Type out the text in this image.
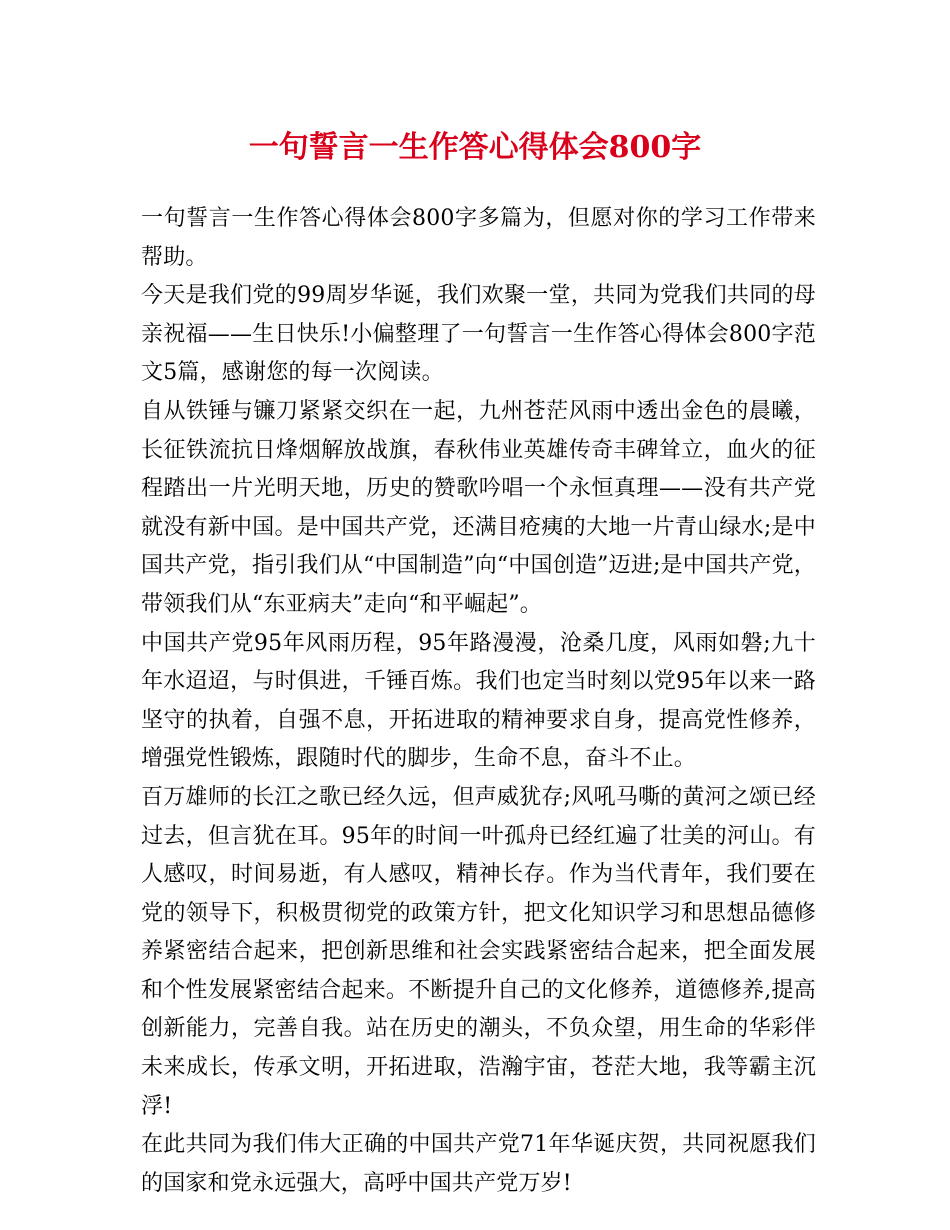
一句誓言一生作答心得体会800字

一句誓言一生作答心得体会800字多篇为，但愿对你的学习工作带来帮助。

今天是我们党的99周岁华诞，我们欢聚一堂，共同为党我们共同的母亲祝福——生日快乐!小偏整理了一句誓言一生作答心得体会800字范文5篇，感谢您的每一次阅读。

自从铁锤与镰刀紧紧交织在一起，九州苍茫风雨中透出金色的晨曦，长征铁流抗日烽烟解放战旗，春秋伟业英雄传奇丰碑耸立，血火的征程踏出一片光明天地，历史的赞歌吟唱一个永恒真理——没有共产党就没有新中国。是中国共产党，还满目疮痍的大地一片青山绿水;是中国共产党，指引我们从“中国制造”向“中国创造”迈进;是中国共产党，带领我们从“东亚病夫”走向“和平崛起”。

中国共产党95年风雨历程，95年路漫漫，沧桑几度，风雨如磐;九十年水迢迢，与时俱进，千锤百炼。我们也定当时刻以党95年以来一路坚守的执着，自强不息，开拓进取的精神要求自身，提高党性修养，增强党性锻炼，跟随时代的脚步，生命不息，奋斗不止。

百万雄师的长江之歌已经久远，但声威犹存;风吼马嘶的黄河之颂已经过去，但言犹在耳。95年的时间一叶孤舟已经红遍了壮美的河山。有人感叹，时间易逝，有人感叹，精神长存。作为当代青年，我们要在党的领导下，积极贯彻党的政策方针，把文化知识学习和思想品德修养紧密结合起来，把创新思维和社会实践紧密结合起来，把全面发展和个性发展紧密结合起来。不断提升自己的文化修养，道德修养,提高创新能力，完善自我。站在历史的潮头，不负众望，用生命的华彩伴未来成长，传承文明，开拓进取，浩瀚宇宙，苍茫大地，我等霸主沉浮!

在此共同为我们伟大正确的中国共产党71年华诞庆贺，共同祝愿我们的国家和党永远强大，高呼中国共产党万岁!
